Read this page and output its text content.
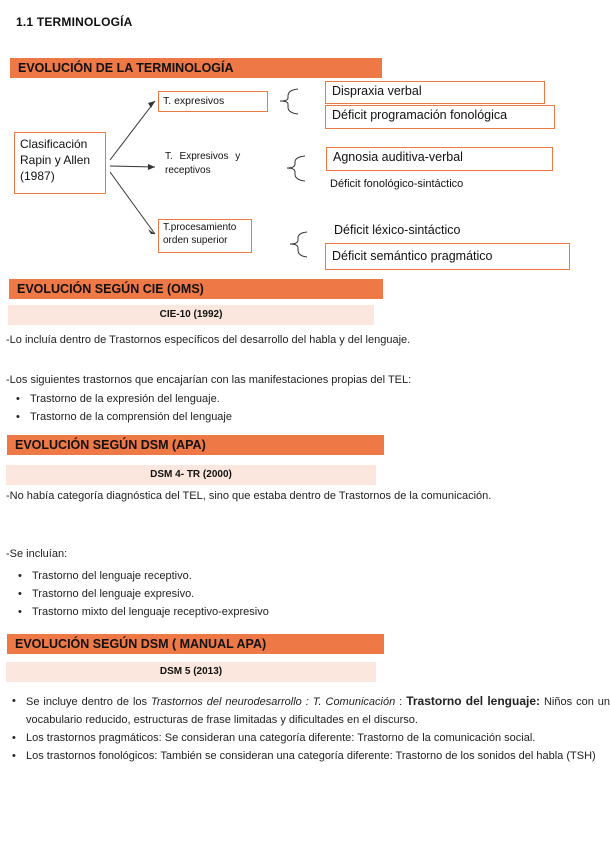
1.1 TERMINOLOGÍA
EVOLUCIÓN DE LA TERMINOLOGÍA
Clasificación Rapin y Allen (1987)
T. expresivos
Dispraxia verbal
Déficit programación fonológica
T. Expresivos y receptivos
Agnosia auditiva-verbal
Déficit fonológico-sintáctico
T.procesamiento orden superior
Déficit léxico-sintáctico
Déficit semántico pragmático
EVOLUCIÓN SEGÚN CIE (OMS)
CIE-10 (1992)
-Lo incluía dentro de Trastornos específicos del desarrollo del habla y del lenguaje.
-Los siguientes trastornos que encajarían con las manifestaciones propias del TEL:
• Trastorno de la expresión del lenguaje.
• Trastorno de la comprensión del lenguaje
EVOLUCIÓN SEGÚN DSM (APA)
DSM 4- TR (2000)
-No había categoría diagnóstica del TEL, sino que estaba dentro de Trastornos de la comunicación.
-Se incluían:
• Trastorno del lenguaje receptivo.
• Trastorno del lenguaje expresivo.
• Trastorno mixto del lenguaje receptivo-expresivo
EVOLUCIÓN SEGÚN DSM ( MANUAL APA)
DSM 5 (2013)
• Se incluye dentro de los Trastornos del neurodesarrollo : T. Comunicación : Trastorno del lenguaje: Niños con un vocabulario reducido, estructuras de frase limitadas y dificultades en el discurso.
• Los trastornos pragmáticos: Se consideran una categoría diferente: Trastorno de la comunicación social.
• Los trastornos fonológicos: También se consideran una categoría diferente: Trastorno de los sonidos del habla (TSH)
